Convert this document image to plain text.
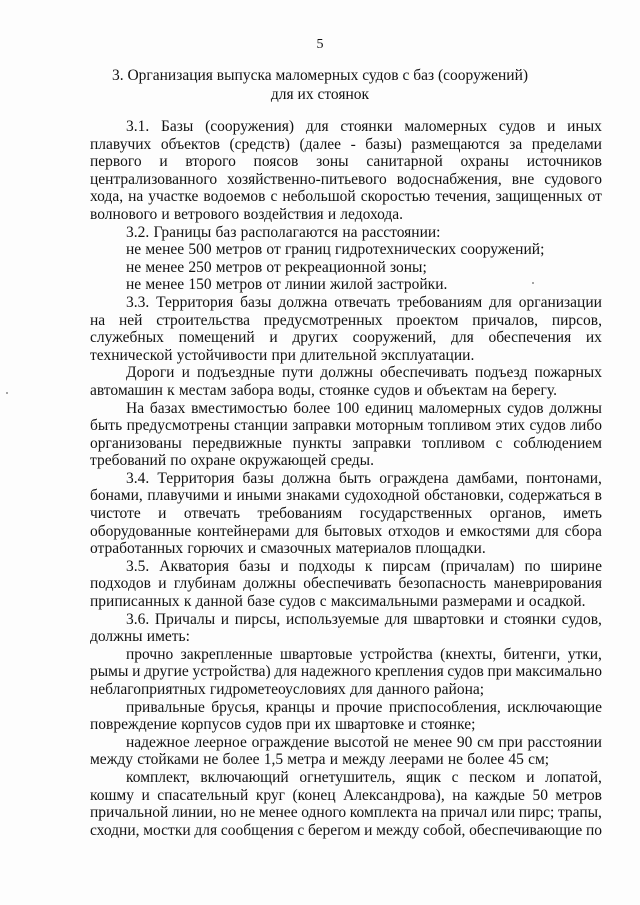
5
3. Организация выпуска маломерных судов с баз (сооружений)
для их стоянок
3.1. Базы (сооружения) для стоянки маломерных судов и иных
плавучих объектов (средств) (далее - базы) размещаются за пределами
первого и второго поясов зоны санитарной охраны источников
централизованного хозяйственно-питьевого водоснабжения, вне судового
хода, на участке водоемов с небольшой скоростью течения, защищенных от
волнового и ветрового воздействия и ледохода.
3.2. Границы баз располагаются на расстоянии:
не менее 500 метров от границ гидротехнических сооружений;
не менее 250 метров от рекреационной зоны;
не менее 150 метров от линии жилой застройки.
3.3. Территория базы должна отвечать требованиям для организации
на ней строительства предусмотренных проектом причалов, пирсов,
служебных помещений и других сооружений, для обеспечения их
технической устойчивости при длительной эксплуатации.
Дороги и подъездные пути должны обеспечивать подъезд пожарных
автомашин к местам забора воды, стоянке судов и объектам на берегу.
На базах вместимостью более 100 единиц маломерных судов должны
быть предусмотрены станции заправки моторным топливом этих судов либо
организованы передвижные пункты заправки топливом с соблюдением
требований по охране окружающей среды.
3.4. Территория базы должна быть ограждена дамбами, понтонами,
бонами, плавучими и иными знаками судоходной обстановки, содержаться в
чистоте и отвечать требованиям государственных органов, иметь
оборудованные контейнерами для бытовых отходов и емкостями для сбора
отработанных горючих и смазочных материалов площадки.
3.5. Акватория базы и подходы к пирсам (причалам) по ширине
подходов и глубинам должны обеспечивать безопасность маневрирования
приписанных к данной базе судов с максимальными размерами и осадкой.
3.6. Причалы и пирсы, используемые для швартовки и стоянки судов,
должны иметь:
прочно закрепленные швартовые устройства (кнехты, битенги, утки,
рымы и другие устройства) для надежного крепления судов при максимально
неблагоприятных гидрометеоусловиях для данного района;
привальные брусья, кранцы и прочие приспособления, исключающие
повреждение корпусов судов при их швартовке и стоянке;
надежное леерное ограждение высотой не менее 90 см при расстоянии
между стойками не более 1,5 метра и между леерами не более 45 см;
комплект, включающий огнетушитель, ящик с песком и лопатой,
кошму и спасательный круг (конец Александрова), на каждые 50 метров
причальной линии, но не менее одного комплекта на причал или пирс; трапы,
сходни, мостки для сообщения с берегом и между собой, обеспечивающие по
